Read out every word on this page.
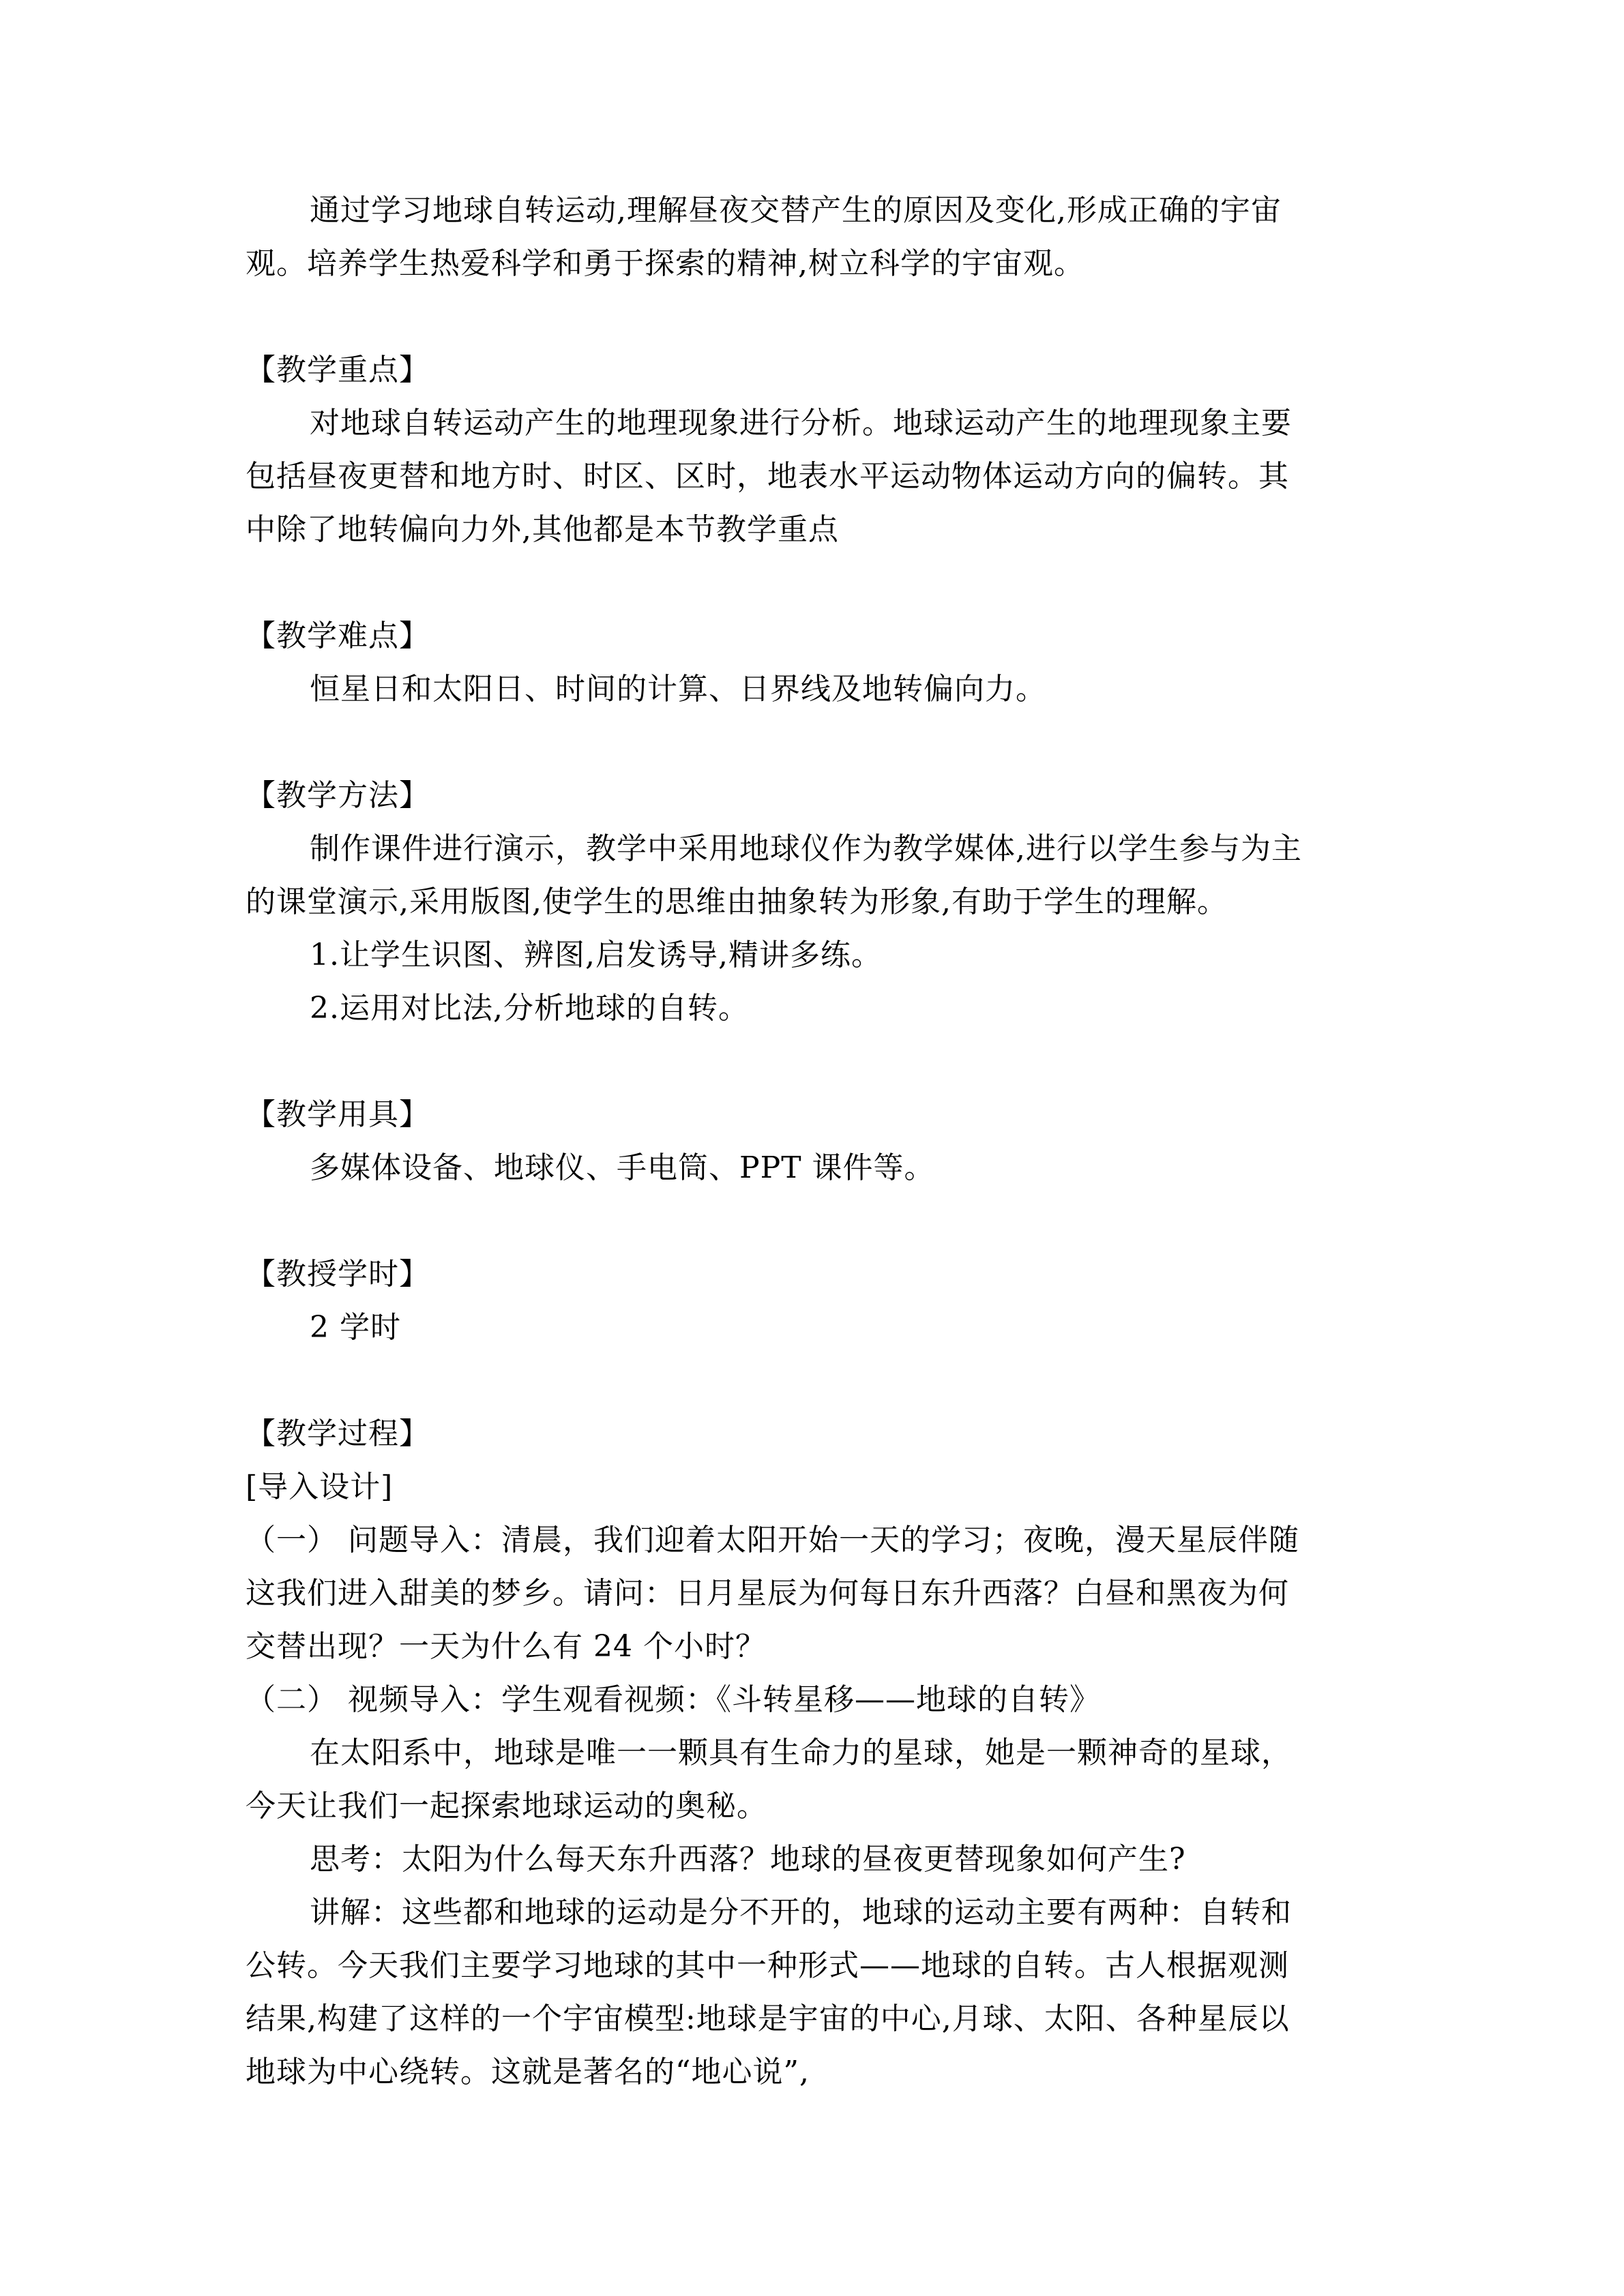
通过学习地球自转运动,理解昼夜交替产生的原因及变化,形成正确的宇宙
观。培养学生热爱科学和勇于探索的精神,树立科学的宇宙观。
【教学重点】
对地球自转运动产生的地理现象进行分析。地球运动产生的地理现象主要
包括昼夜更替和地方时、时区、区时，地表水平运动物体运动方向的偏转。其
中除了地转偏向力外,其他都是本节教学重点
【教学难点】
恒星日和太阳日、时间的计算、日界线及地转偏向力。
【教学方法】
制作课件进行演示，教学中采用地球仪作为教学媒体,进行以学生参与为主
的课堂演示,采用版图,使学生的思维由抽象转为形象,有助于学生的理解。
1.让学生识图、辨图,启发诱导,精讲多练。
2.运用对比法,分析地球的自转。
【教学用具】
多媒体设备、地球仪、手电筒、PPT 课件等。
【教授学时】
2 学时
【教学过程】
[导入设计]
（一） 问题导入：清晨，我们迎着太阳开始一天的学习；夜晚，漫天星辰伴随
这我们进入甜美的梦乡。请问：日月星辰为何每日东升西落？白昼和黑夜为何
交替出现？一天为什么有 24 个小时？
（二） 视频导入：学生观看视频：《斗转星移——地球的自转》
在太阳系中，地球是唯一一颗具有生命力的星球，她是一颗神奇的星球，
今天让我们一起探索地球运动的奥秘。
思考：太阳为什么每天东升西落？地球的昼夜更替现象如何产生?
讲解：这些都和地球的运动是分不开的，地球的运动主要有两种：自转和
公转。今天我们主要学习地球的其中一种形式——地球的自转。古人根据观测
结果,构建了这样的一个宇宙模型:地球是宇宙的中心,月球、太阳、各种星辰以
地球为中心绕转。这就是著名的“地心说”,
